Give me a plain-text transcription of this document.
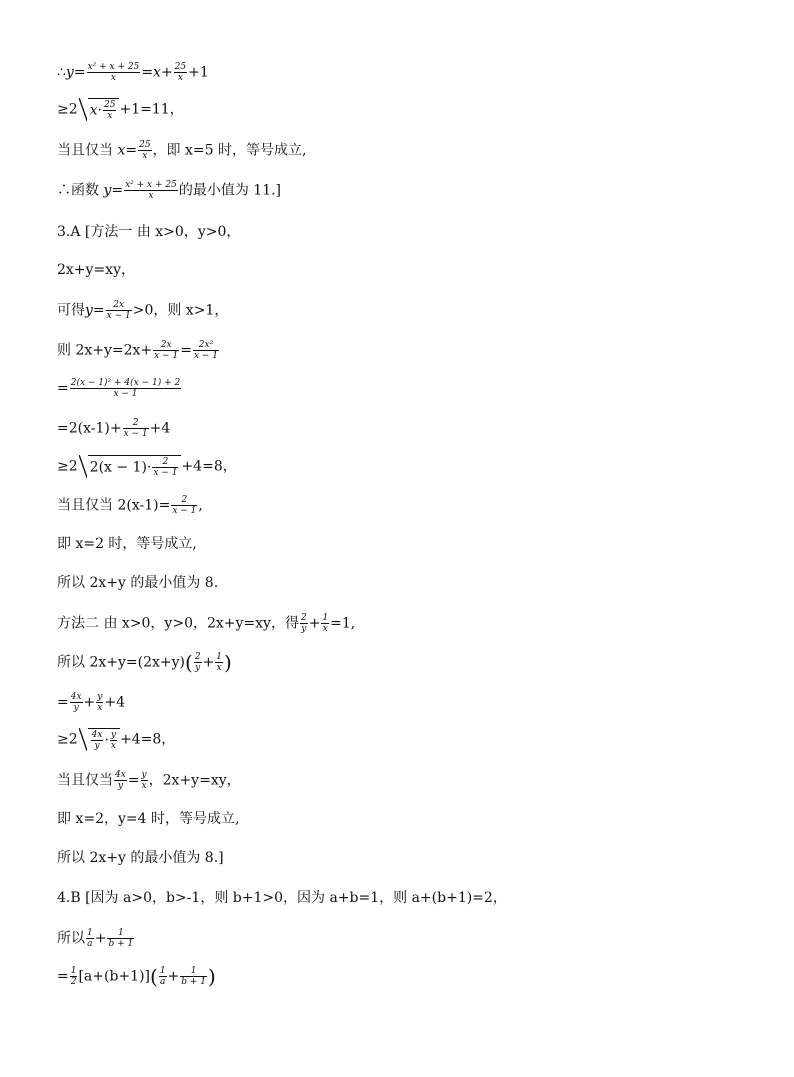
∴y= $\frac{\text{x² + x + 25}}{x} =x+ \frac{25}{x} +1$
≥2 $x\cdot \frac{25}{x} +1=11$，
当且仅当 $x= \frac{25}{x}$ ，即 x=5 时，等号成立,
∴函数 $y= \frac{\text{x² + x + 25}}{x}$ 的最小值为 11.]
3.A [方法一 由 x>0，y>0，
2x+y=xy，
可得$y= \frac{2x}{x - 1} >0$，则 x>1，
则 $2x+y=2x+ \frac{2x}{x - 1} = \frac{\text{2x²}}{x - 1}$
= $\frac{\text{2(x − 1)² + 4(x − 1) + 2}}{x - 1}$
$=2(x-1)+ \frac{2}{x - 1} +4$
≥2 $2(x - 1)\cdot \frac{2}{x - 1} +4=8$，
当且仅当 $2(x-1)= \frac{2}{x - 1}$ ,
即 x=2 时，等号成立,
所以 2x+y 的最小值为 8.
方法二 由 x>0，y>0，2x+y=xy，得 $\frac{2}{y} + \frac{1}{x} =1$,
所以 $2x+y=(2x+y)( \frac{2}{y} + \frac{1}{x}$ )
= $\frac{4x}{y} + \frac{y}{x} +4$
$\ge 2 \frac{4x}{y} \cdot \frac{y}{x} +4=8$，
当且仅当 $\frac{4x}{y} = \frac{y}{x}$ ，2x+y=xy，
即 x=2，y=4 时，等号成立,
所以 2x+y 的最小值为 8.]
4.B [因为 a>0，b>-1，则 b+1>0，因为 a+b=1，则 a+(b+1)=2，
所以 $\frac{1}{a} + \frac{1}{b + 1}$
= $\frac{1}{2} [a+(b+1)]( \frac{1}{a} + \frac{1}{b + 1}$ )
